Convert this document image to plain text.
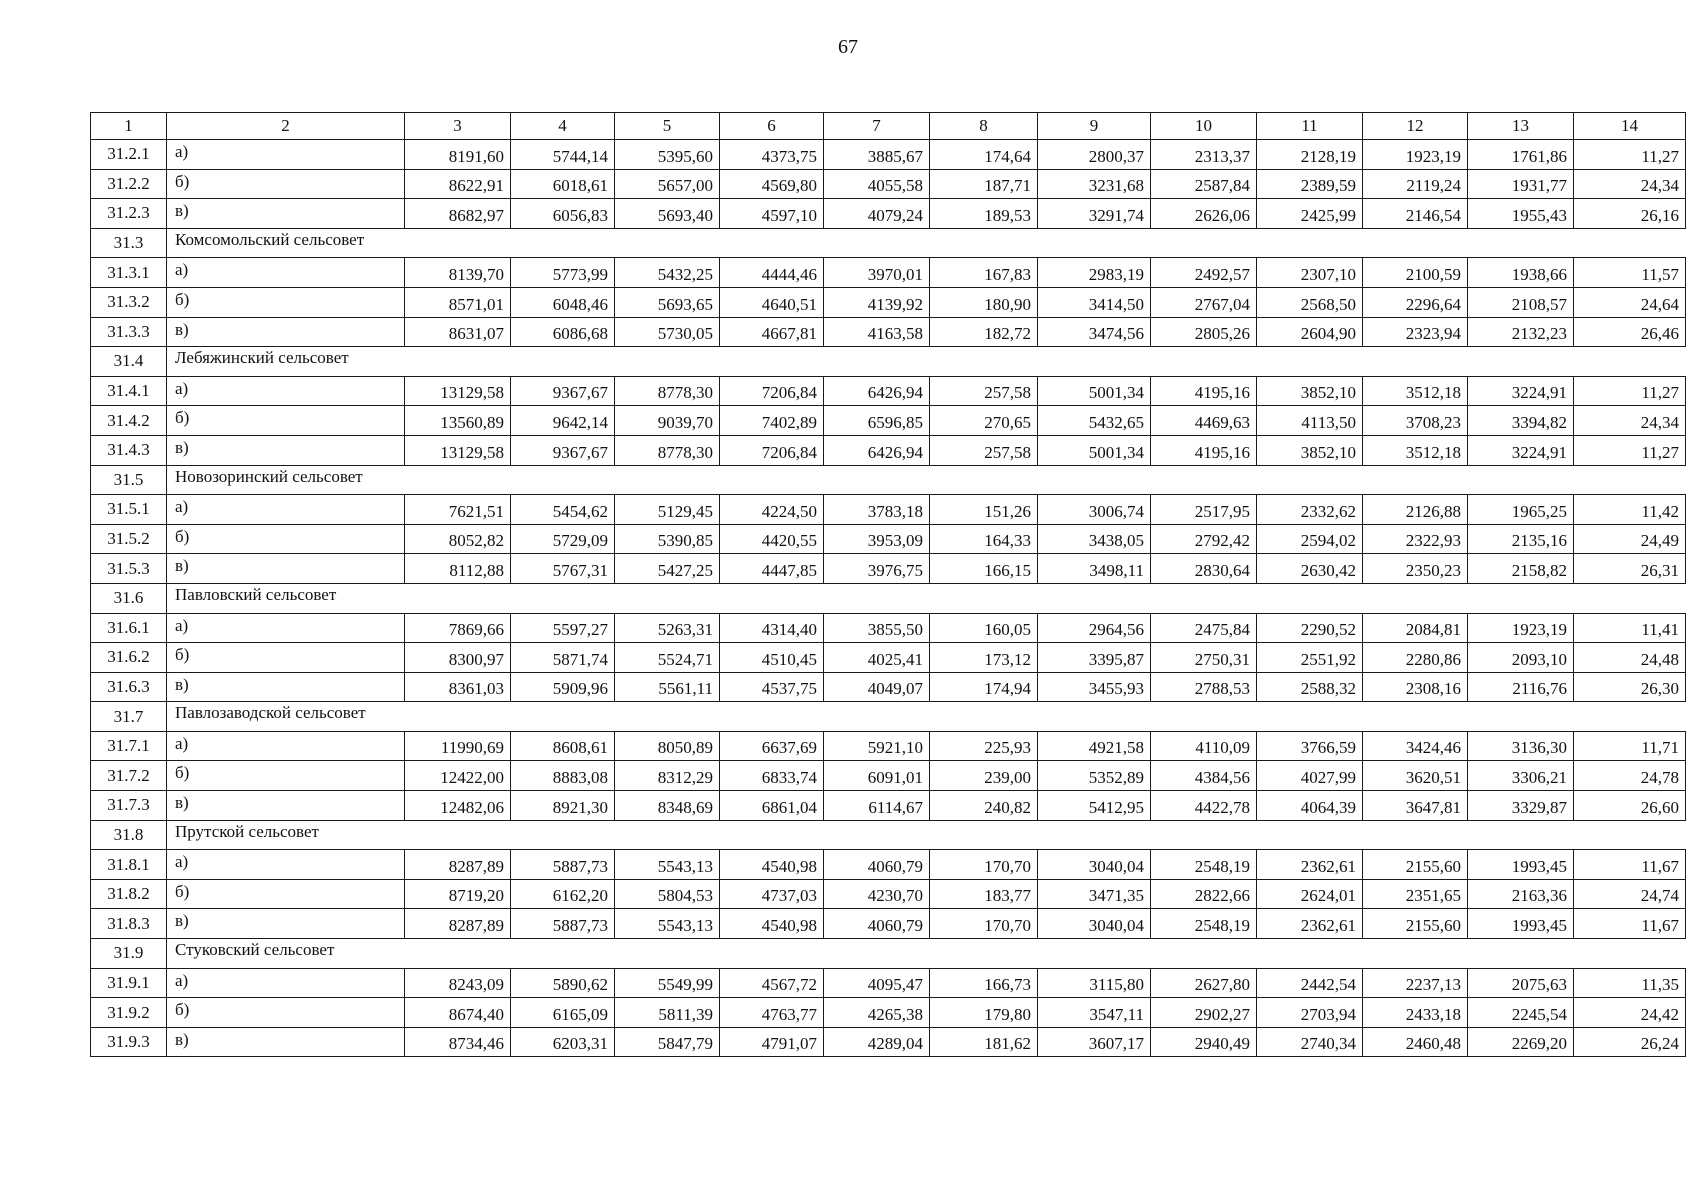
67
1	2	3	4	5	6	7	8	9	10	11	12	13	14
31.2.1	а)	8191,60	5744,14	5395,60	4373,75	3885,67	174,64	2800,37	2313,37	2128,19	1923,19	1761,86	11,27
31.2.2	б)	8622,91	6018,61	5657,00	4569,80	4055,58	187,71	3231,68	2587,84	2389,59	2119,24	1931,77	24,34
31.2.3	в)	8682,97	6056,83	5693,40	4597,10	4079,24	189,53	3291,74	2626,06	2425,99	2146,54	1955,43	26,16
31.3	Комсомольский сельсовет												
31.3.1	а)	8139,70	5773,99	5432,25	4444,46	3970,01	167,83	2983,19	2492,57	2307,10	2100,59	1938,66	11,57
31.3.2	б)	8571,01	6048,46	5693,65	4640,51	4139,92	180,90	3414,50	2767,04	2568,50	2296,64	2108,57	24,64
31.3.3	в)	8631,07	6086,68	5730,05	4667,81	4163,58	182,72	3474,56	2805,26	2604,90	2323,94	2132,23	26,46
31.4	Лебяжинский сельсовет												
31.4.1	а)	13129,58	9367,67	8778,30	7206,84	6426,94	257,58	5001,34	4195,16	3852,10	3512,18	3224,91	11,27
31.4.2	б)	13560,89	9642,14	9039,70	7402,89	6596,85	270,65	5432,65	4469,63	4113,50	3708,23	3394,82	24,34
31.4.3	в)	13129,58	9367,67	8778,30	7206,84	6426,94	257,58	5001,34	4195,16	3852,10	3512,18	3224,91	11,27
31.5	Новозоринский сельсовет												
31.5.1	а)	7621,51	5454,62	5129,45	4224,50	3783,18	151,26	3006,74	2517,95	2332,62	2126,88	1965,25	11,42
31.5.2	б)	8052,82	5729,09	5390,85	4420,55	3953,09	164,33	3438,05	2792,42	2594,02	2322,93	2135,16	24,49
31.5.3	в)	8112,88	5767,31	5427,25	4447,85	3976,75	166,15	3498,11	2830,64	2630,42	2350,23	2158,82	26,31
31.6	Павловский сельсовет												
31.6.1	а)	7869,66	5597,27	5263,31	4314,40	3855,50	160,05	2964,56	2475,84	2290,52	2084,81	1923,19	11,41
31.6.2	б)	8300,97	5871,74	5524,71	4510,45	4025,41	173,12	3395,87	2750,31	2551,92	2280,86	2093,10	24,48
31.6.3	в)	8361,03	5909,96	5561,11	4537,75	4049,07	174,94	3455,93	2788,53	2588,32	2308,16	2116,76	26,30
31.7	Павлозаводской сельсовет												
31.7.1	а)	11990,69	8608,61	8050,89	6637,69	5921,10	225,93	4921,58	4110,09	3766,59	3424,46	3136,30	11,71
31.7.2	б)	12422,00	8883,08	8312,29	6833,74	6091,01	239,00	5352,89	4384,56	4027,99	3620,51	3306,21	24,78
31.7.3	в)	12482,06	8921,30	8348,69	6861,04	6114,67	240,82	5412,95	4422,78	4064,39	3647,81	3329,87	26,60
31.8	Прутской сельсовет												
31.8.1	а)	8287,89	5887,73	5543,13	4540,98	4060,79	170,70	3040,04	2548,19	2362,61	2155,60	1993,45	11,67
31.8.2	б)	8719,20	6162,20	5804,53	4737,03	4230,70	183,77	3471,35	2822,66	2624,01	2351,65	2163,36	24,74
31.8.3	в)	8287,89	5887,73	5543,13	4540,98	4060,79	170,70	3040,04	2548,19	2362,61	2155,60	1993,45	11,67
31.9	Стуковский сельсовет												
31.9.1	а)	8243,09	5890,62	5549,99	4567,72	4095,47	166,73	3115,80	2627,80	2442,54	2237,13	2075,63	11,35
31.9.2	б)	8674,40	6165,09	5811,39	4763,77	4265,38	179,80	3547,11	2902,27	2703,94	2433,18	2245,54	24,42
31.9.3	в)	8734,46	6203,31	5847,79	4791,07	4289,04	181,62	3607,17	2940,49	2740,34	2460,48	2269,20	26,24
